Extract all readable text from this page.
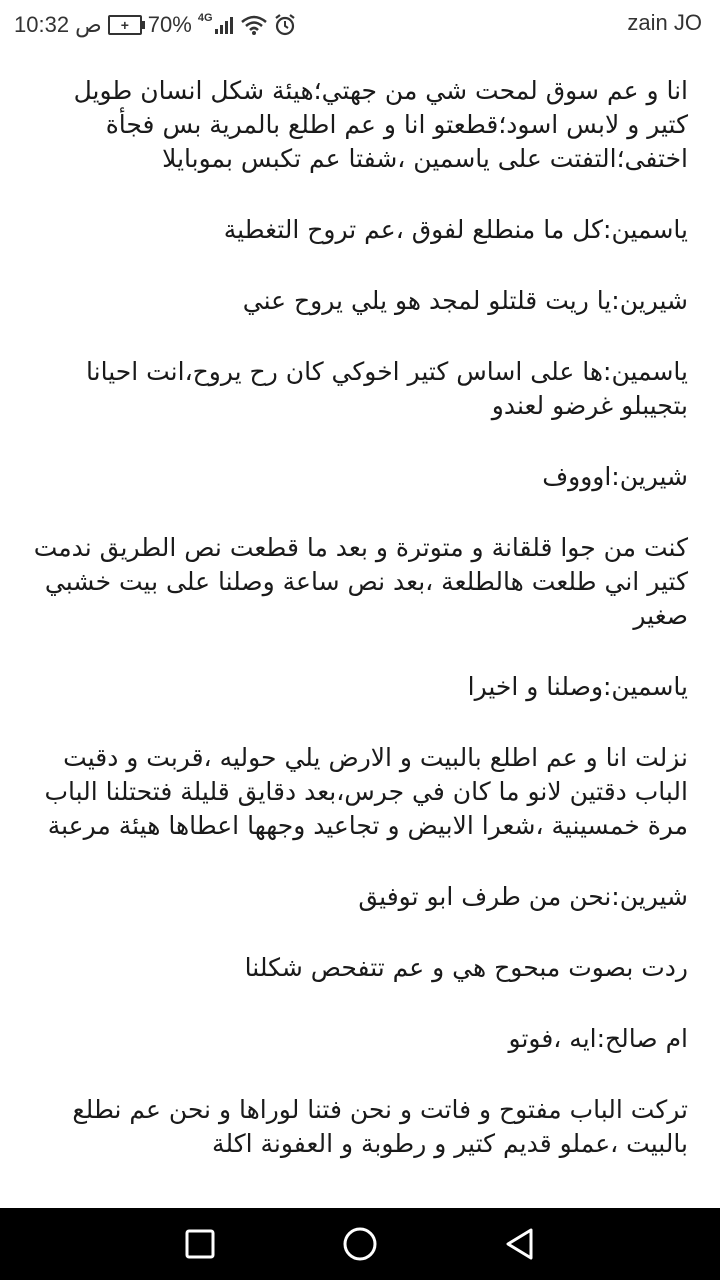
10:32 ص	+ 70% 4G	zain JO

انا و عم سوق لمحت شي من جهتي؛هيئة شكل انسان طويل كتير و لابس اسود؛قطعتو انا و عم اطلع بالمرية بس فجأة اختفى؛التفتت على ياسمين ،شفتا عم تكبس بموبايلا

ياسمين:كل ما منطلع لفوق ،عم تروح التغطية

شيرين:يا ريت قلتلو لمجد هو يلي يروح عني

ياسمين:ها على اساس كتير اخوكي كان رح يروح،انت احيانا بتجيبلو غرضو لعندو

شيرين:اوووف

كنت من جوا قلقانة و متوترة و بعد ما قطعت نص الطريق ندمت كتير اني طلعت هالطلعة ،بعد نص ساعة وصلنا على بيت خشبي صغير

ياسمين:وصلنا و اخيرا

نزلت انا و عم اطلع بالبيت و الارض يلي حوليه ،قربت و دقيت الباب دقتين لانو ما كان في جرس،بعد دقايق قليلة فتحتلنا الباب مرة خمسينية ،شعرا الابيض و تجاعيد وجهها اعطاها هيئة مرعبة

شيرين:نحن من طرف ابو توفيق

ردت بصوت مبحوح هي و عم تتفحص شكلنا

ام صالح:ايه ،فوتو

تركت الباب مفتوح و فاتت و نحن فتنا لوراها و نحن عم نطلع بالبيت ،عملو قديم كتير و رطوبة و العفونة اكلة
